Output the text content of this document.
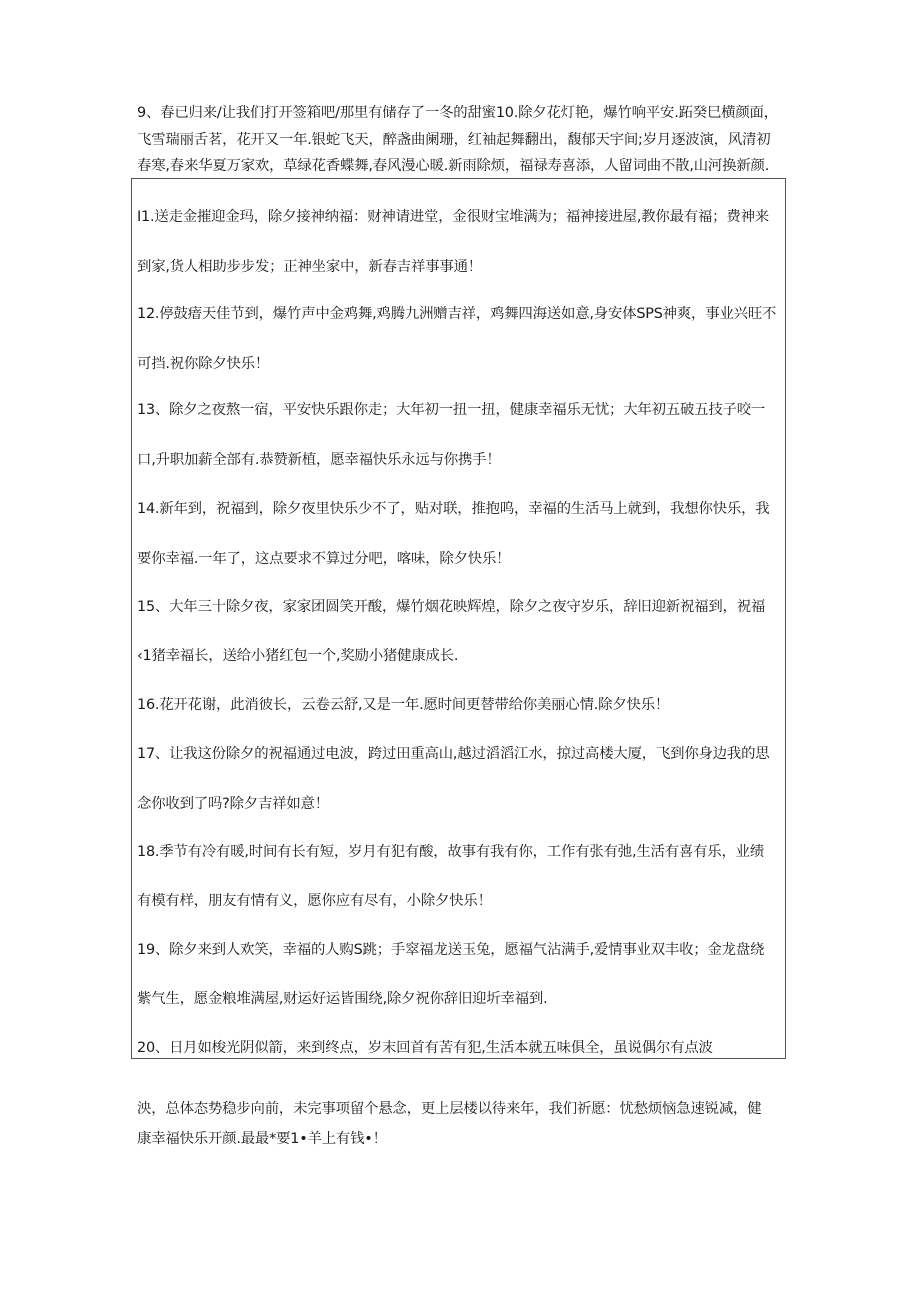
9、春已归来/让我们打开签箱吧/那里有储存了一冬的甜蜜10.除夕花灯艳，爆竹响平安.跖癸巳横颜面，
飞雪瑞丽舌茗，花开又一年.银蛇飞天，醉盏曲阑珊，红袖起舞翻出，馥郁天宇间;岁月逐波演，风清初
春寒,春来华夏万家欢，草绿花香蝶舞,春风漫心暖.新雨除烦，福禄寿喜添，人留词曲不散,山河换新颜.
I1.送走金摧迎金玛，除夕接神纳福：财神请进堂，金很财宝堆满为；福神接进屋,教你最有福；费神来
到家,货人相助步步发；正神坐家中，新春吉祥事事通！
12.停鼓瘖天佳节到，爆竹声中金鸡舞,鸡腾九洲赠吉祥，鸡舞四海送如意,身安体SPS神爽，事业兴旺不
可挡.祝你除夕快乐！
13、除夕之夜熬一宿，平安快乐跟你走；大年初一扭一扭，健康幸福乐无忧；大年初五破五技子咬一
口,升职加薪全部有.恭赞新植，愿幸福快乐永远与你携手！
14.新年到，祝福到，除夕夜里快乐少不了，贴对联，推抱呜，幸福的生活马上就到，我想你快乐，我
要你幸福.一年了，这点要求不算过分吧，喀味，除夕快乐！
15、大年三十除夕夜，家家团圆笑开酸，爆竹烟花映辉煌，除夕之夜守岁乐，辞旧迎新祝福到，祝福
‹1猪幸福长，送给小猪红包一个,奖励小猪健康成长.
16.花开花谢，此消彼长，云卷云舒,又是一年.愿时间更替带给你美丽心情.除夕快乐！
17、让我这份除夕的祝福通过电波，跨过田重高山,越过滔滔江水，掠过高楼大厦，飞到你身边我的思
念你收到了吗?除夕吉祥如意！
18.季节有冷有暖,时间有长有短，岁月有犯有酸，故事有我有你，工作有张有弛,生活有喜有乐，业绩
有模有样，朋友有情有义，愿你应有尽有，小除夕快乐！
19、除夕来到人欢笑，幸福的人购S跳；手窣福龙送玉兔，愿福气沾满手,爱情事业双丰收；金龙盘绕
紫气生，愿金粮堆满屋,财运好运皆围绕,除夕祝你辞旧迎圻幸福到.
20、日月如梭光阴似箭，来到终点，岁末回首有苦有犯,生活本就五味俱全，虽说偶尔有点波
泱，总体态势稳步向前，未完事项留个悬念，更上层楼以待来年，我们祈愿：忧愁烦恼急速锐减，健
康幸福快乐开颜.最最*要1•羊上有钱•！
